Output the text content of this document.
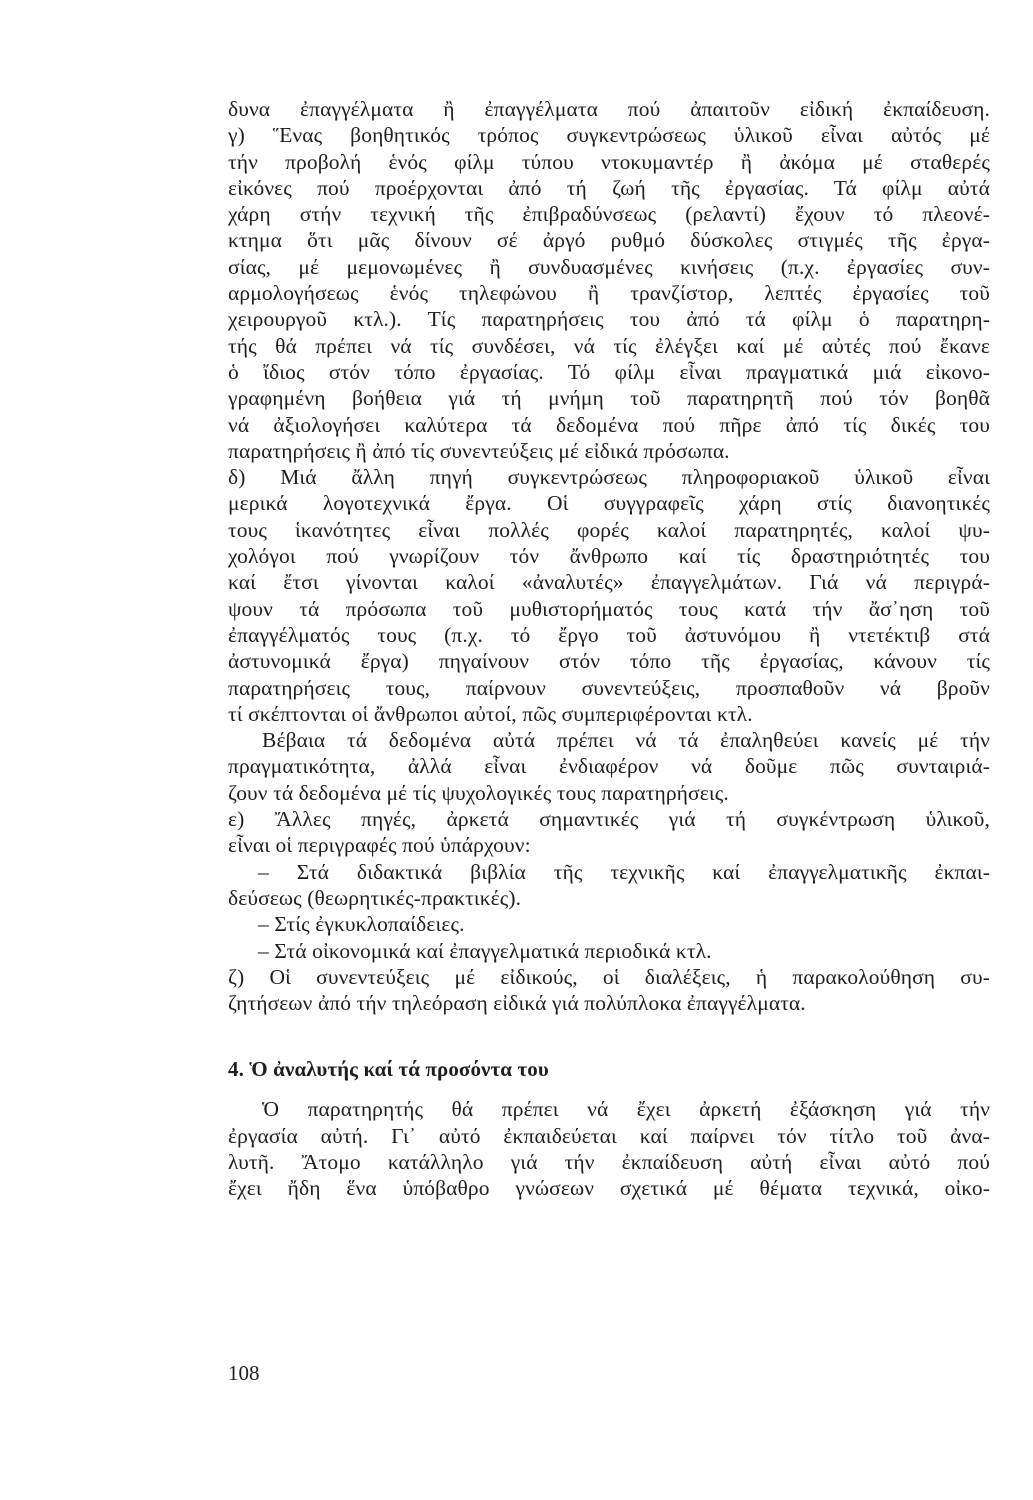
δυνα ἐπαγγέλματα ἢ ἐπαγγέλματα πού ἀπαιτοῦν εἰδική ἐκπαίδευση.
γ) Ἕνας βοηθητικός τρόπος συγκεντρώσεως ὑλικοῦ εἶναι αὐτός μέ
τήν προβολή ἑνός φίλμ τύπου ντοκυμαντέρ ἢ ἀκόμα μέ σταθερές
εἰκόνες πού προέρχονται ἀπό τή ζωή τῆς ἐργασίας. Τά φίλμ αὐτά
χάρη στήν τεχνική τῆς ἐπιβραδύνσεως (ρελαντί) ἔχουν τό πλεονέ-
κτημα ὅτι μᾶς δίνουν σέ ἀργό ρυθμό δύσκολες στιγμές τῆς ἐργα-
σίας, μέ μεμονωμένες ἢ συνδυασμένες κινήσεις (π.χ. ἐργασίες συν-
αρμολογήσεως ἑνός τηλεφώνου ἢ τρανζίστορ, λεπτές ἐργασίες τοῦ
χειρουργοῦ κτλ.). Τίς παρατηρήσεις του ἀπό τά φίλμ ὁ παρατηρη-
τής θά πρέπει νά τίς συνδέσει, νά τίς ἐλέγξει καί μέ αὐτές πού ἔκανε
ὁ ἴδιος στόν τόπο ἐργασίας. Τό φίλμ εἶναι πραγματικά μιά εἰκονο-
γραφημένη βοήθεια γιά τή μνήμη τοῦ παρατηρητῆ πού τόν βοηθᾶ
νά ἀξιολογήσει καλύτερα τά δεδομένα πού πῆρε ἀπό τίς δικές του
παρατηρήσεις ἢ ἀπό τίς συνεντεύξεις μέ εἰδικά πρόσωπα.
δ) Μιά ἄλλη πηγή συγκεντρώσεως πληροφοριακοῦ ὑλικοῦ εἶναι
μερικά λογοτεχνικά ἔργα. Οἱ συγγραφεῖς χάρη στίς διανοητικές
τους ἱκανότητες εἶναι πολλές φορές καλοί παρατηρητές, καλοί ψυ-
χολόγοι πού γνωρίζουν τόν ἄνθρωπο καί τίς δραστηριότητές του
καί ἔτσι γίνονται καλοί «ἀναλυτές» ἐπαγγελμάτων. Γιά νά περιγρά-
ψουν τά πρόσωπα τοῦ μυθιστορήματός τους κατά τήν ἄσ᾽ηση τοῦ
ἐπαγγέλματός τους (π.χ. τό ἔργο τοῦ ἀστυνόμου ἢ ντετέκτιβ στά
ἀστυνομικά ἔργα) πηγαίνουν στόν τόπο τῆς ἐργασίας, κάνουν τίς
παρατηρήσεις τους, παίρνουν συνεντεύξεις, προσπαθοῦν νά βροῦν
τί σκέπτονται οἱ ἄνθρωποι αὐτοί, πῶς συμπεριφέρονται κτλ.
Βέβαια τά δεδομένα αὐτά πρέπει νά τά ἐπαληθεύει κανείς μέ τήν
πραγματικότητα, ἀλλά εἶναι ἐνδιαφέρον νά δοῦμε πῶς συνταιριά-
ζουν τά δεδομένα μέ τίς ψυχολογικές τους παρατηρήσεις.
ε) Ἄλλες πηγές, ἀρκετά σημαντικές γιά τή συγκέντρωση ὑλικοῦ,
εἶναι οἱ περιγραφές πού ὑπάρχουν:
– Στά διδακτικά βιβλία τῆς τεχνικῆς καί ἐπαγγελματικῆς ἐκπαι-
δεύσεως (θεωρητικές-πρακτικές).
– Στίς ἐγκυκλοπαίδειες.
– Στά οἰκονομικά καί ἐπαγγελματικά περιοδικά κτλ.
ζ) Οἱ συνεντεύξεις μέ εἰδικούς, οἱ διαλέξεις, ἡ παρακολούθηση συ-
ζητήσεων ἀπό τήν τηλεόραση εἰδικά γιά πολύπλοκα ἐπαγγέλματα.
4. Ὁ ἀναλυτής καί τά προσόντα του
Ὁ παρατηρητής θά πρέπει νά ἔχει ἀρκετή ἐξάσκηση γιά τήν
ἐργασία αὐτή. Γι᾽ αὐτό ἐκπαιδεύεται καί παίρνει τόν τίτλο τοῦ ἀνα-
λυτῆ. Ἄτομο κατάλληλο γιά τήν ἐκπαίδευση αὐτή εἶναι αὐτό πού
ἔχει ἤδη ἕνα ὑπόβαθρο γνώσεων σχετικά μέ θέματα τεχνικά, οἰκο-
108
